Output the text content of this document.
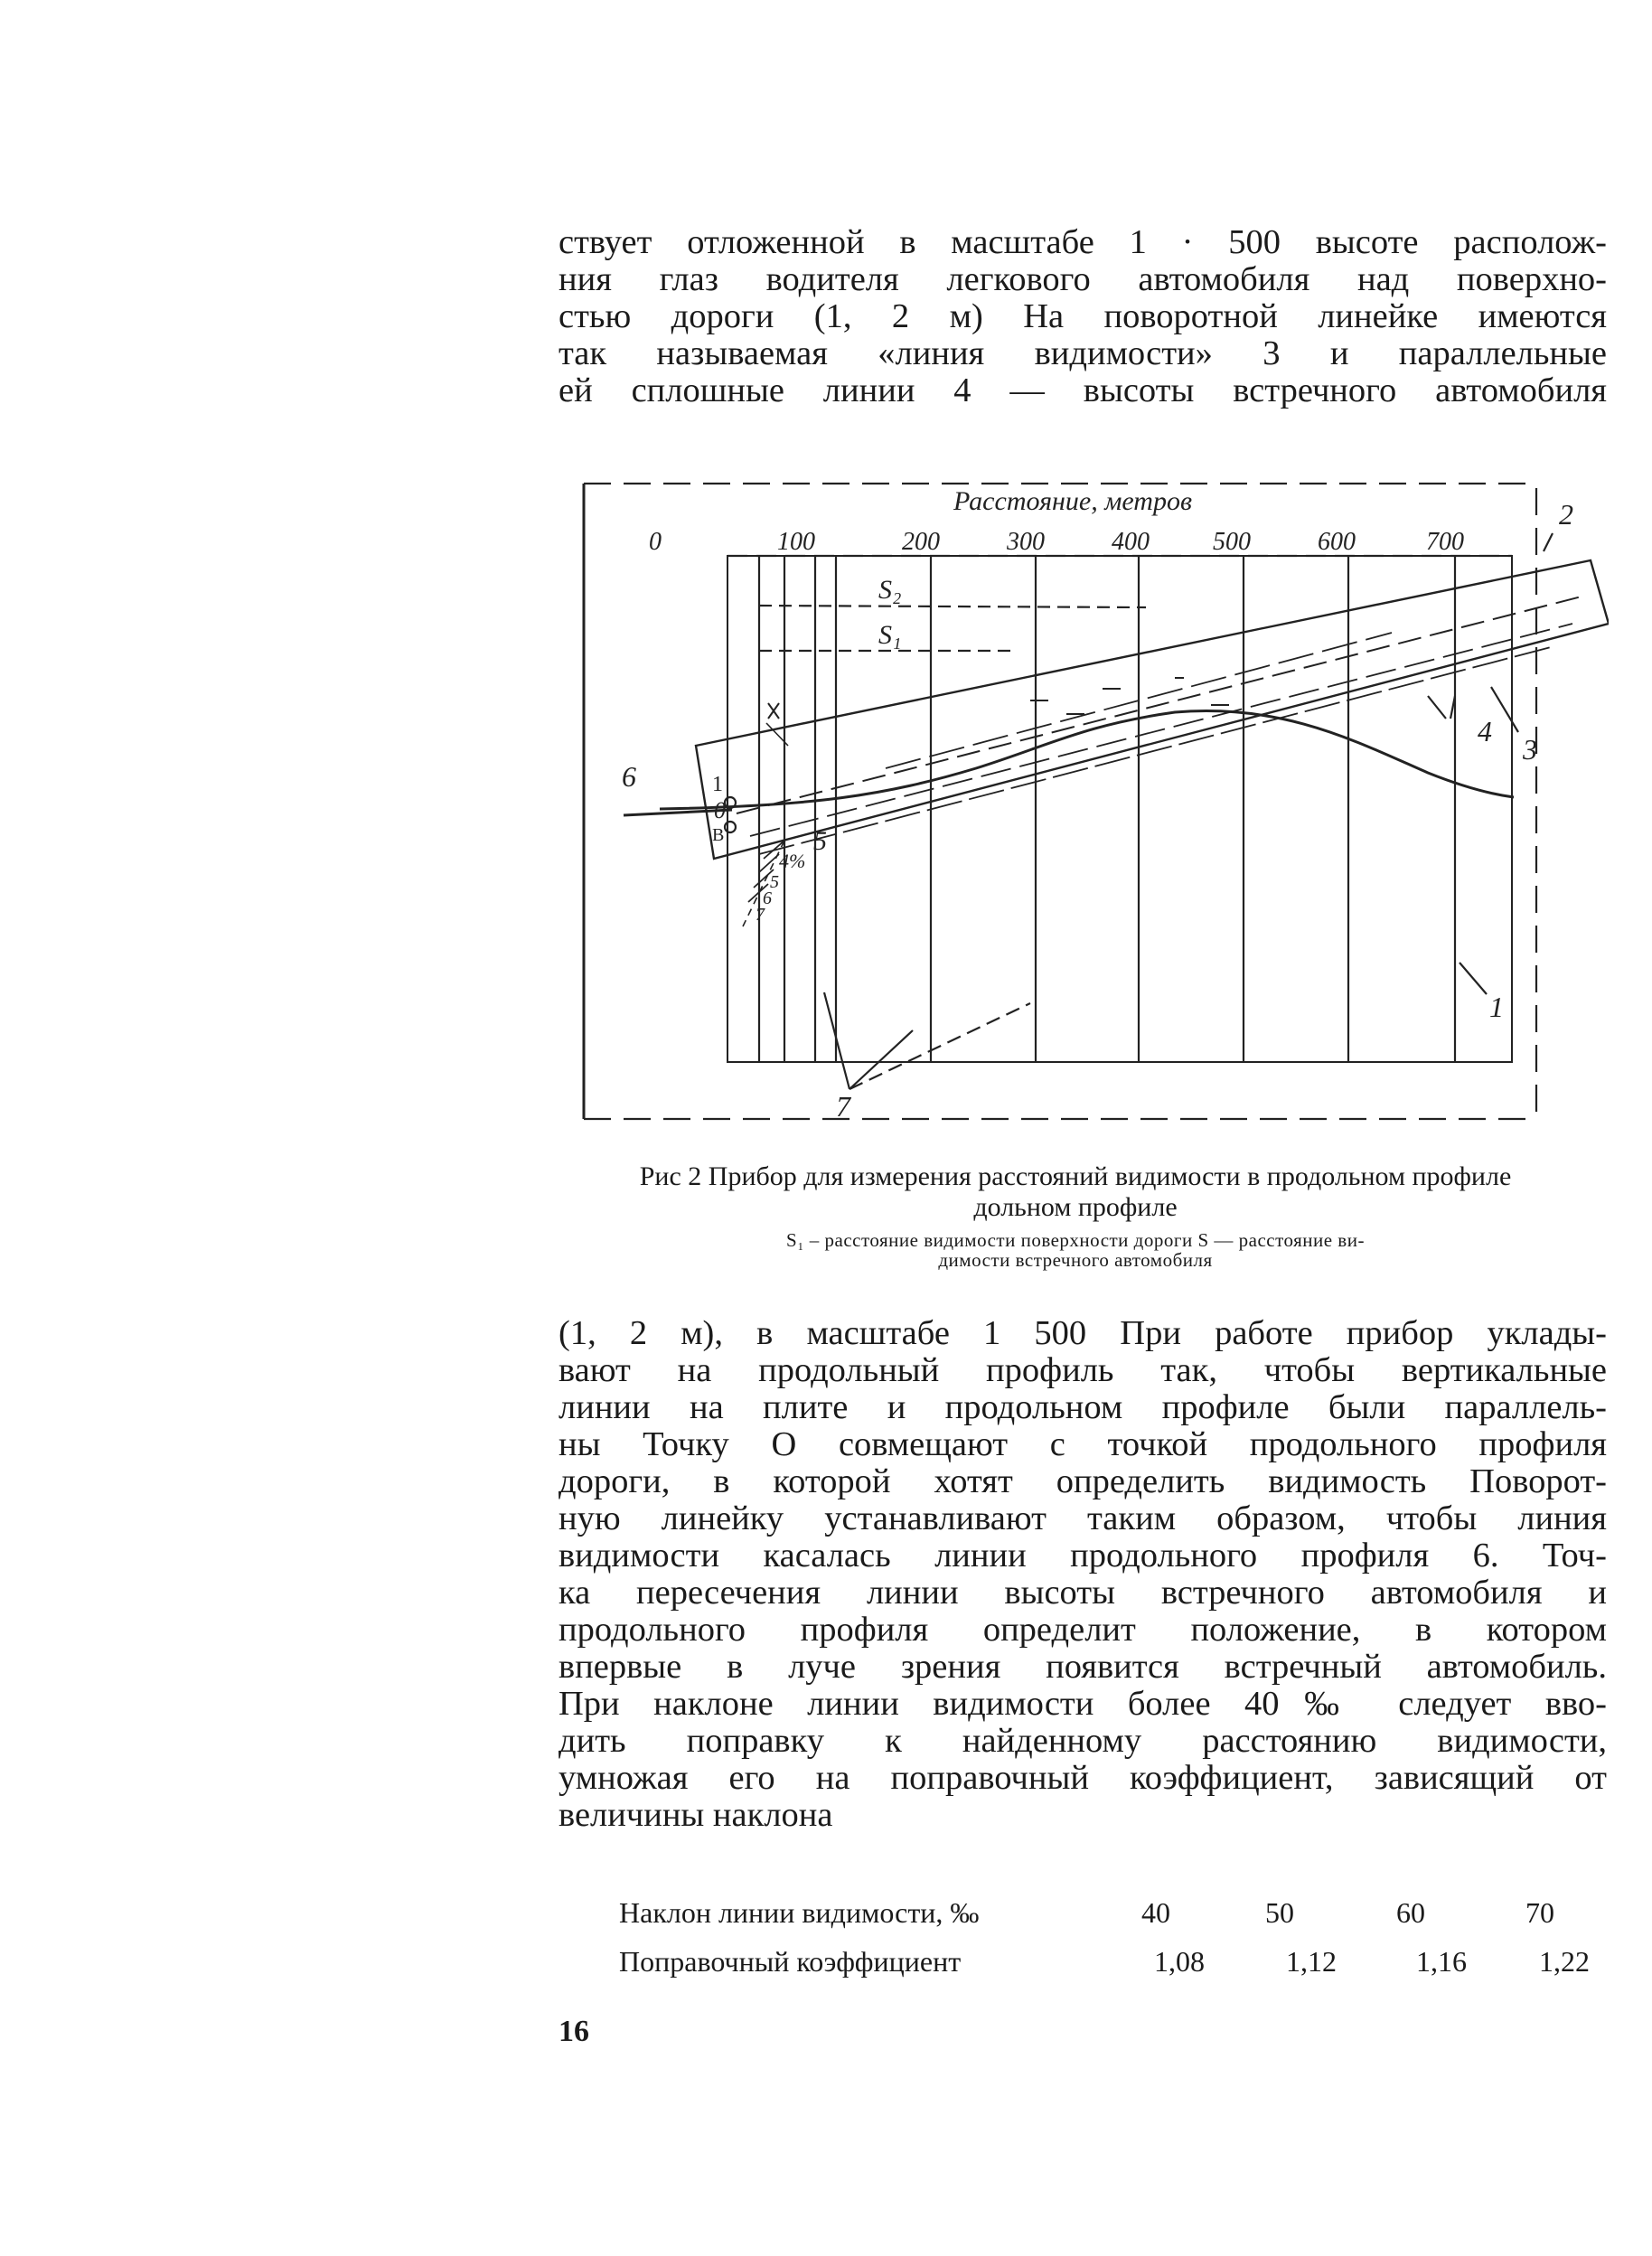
ствует отложенной в масштабе 1 · 500 высоте располож-
ния глаз водителя легкового автомобиля над поверхно-
стью дороги (1, 2 м) На поворотной линейке имеются
так называемая «линия видимости» 3 и параллельные
ей сплошные линии 4 — высоты встречного автомобиля
Расстояние, метров
0	100	200	300	400	500	600	700
S₂
S₁
2
3
4
1
6
5
7
1
0
В
4%
5
6
7
Рис 2 Прибор для измерения расстояний видимости в продольном профиле
дольном профиле
S₁ – расстояние видимости поверхности дороги S — расстояние ви-
димости встречного автомобиля
(1, 2 м), в масштабе 1 500 При работе прибор уклады-
вают на продольный профиль так, чтобы вертикальные
линии на плите и продольном профиле были параллель-
ны Точку О совмещают с точкой продольного профиля
дороги, в которой хотят определить видимость Поворот-
ную линейку устанавливают таким образом, чтобы линия
видимости касалась линии продольного профиля 6. Точ-
ка пересечения линии высоты встречного автомобиля и
продольного профиля определит положение, в котором
впервые в луче зрения появится встречный автомобиль.
При наклоне линии видимости более 40‰ следует вво-
дить поправку к найденному расстоянию видимости,
умножая его на поправочный коэффициент, зависящий от
величины наклона
Наклон линии видимости, ‰	40	50	60	70
Поправочный коэффициент	1,08	1,12	1,16	1,22
16
